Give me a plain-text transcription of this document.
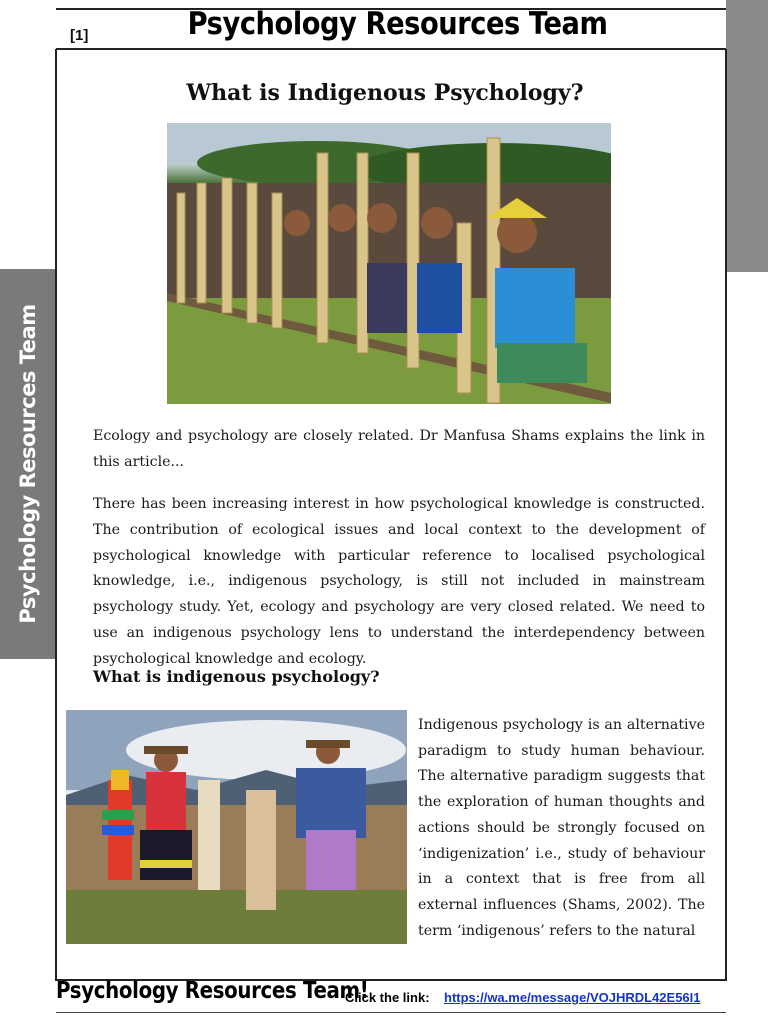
[1]	Psychology Resources Team
Psychology Resources Team
What is Indigenous Psychology?

Ecology and psychology are closely related. Dr Manfusa Shams explains the link in this article...

There has been increasing interest in how psychological knowledge is constructed. The contribution of ecological issues and local context to the development of psychological knowledge with particular reference to localised psychological knowledge, i.e., indigenous psychology, is still not included in mainstream psychology study. Yet, ecology and psychology are very closed related. We need to use an indigenous psychology lens to understand the interdependency between psychological knowledge and ecology.

What is indigenous psychology?

Indigenous psychology is an alternative paradigm to study human behaviour. The alternative paradigm suggests that the exploration of human thoughts and actions should be strongly focused on ‘indigenization’ i.e., study of behaviour in a context that is free from all external influences (Shams, 2002). The term ‘indigenous’ refers to the natural

Psychology Resources Team!
Click the link: https://wa.me/message/VOJHRDL42E56I1
